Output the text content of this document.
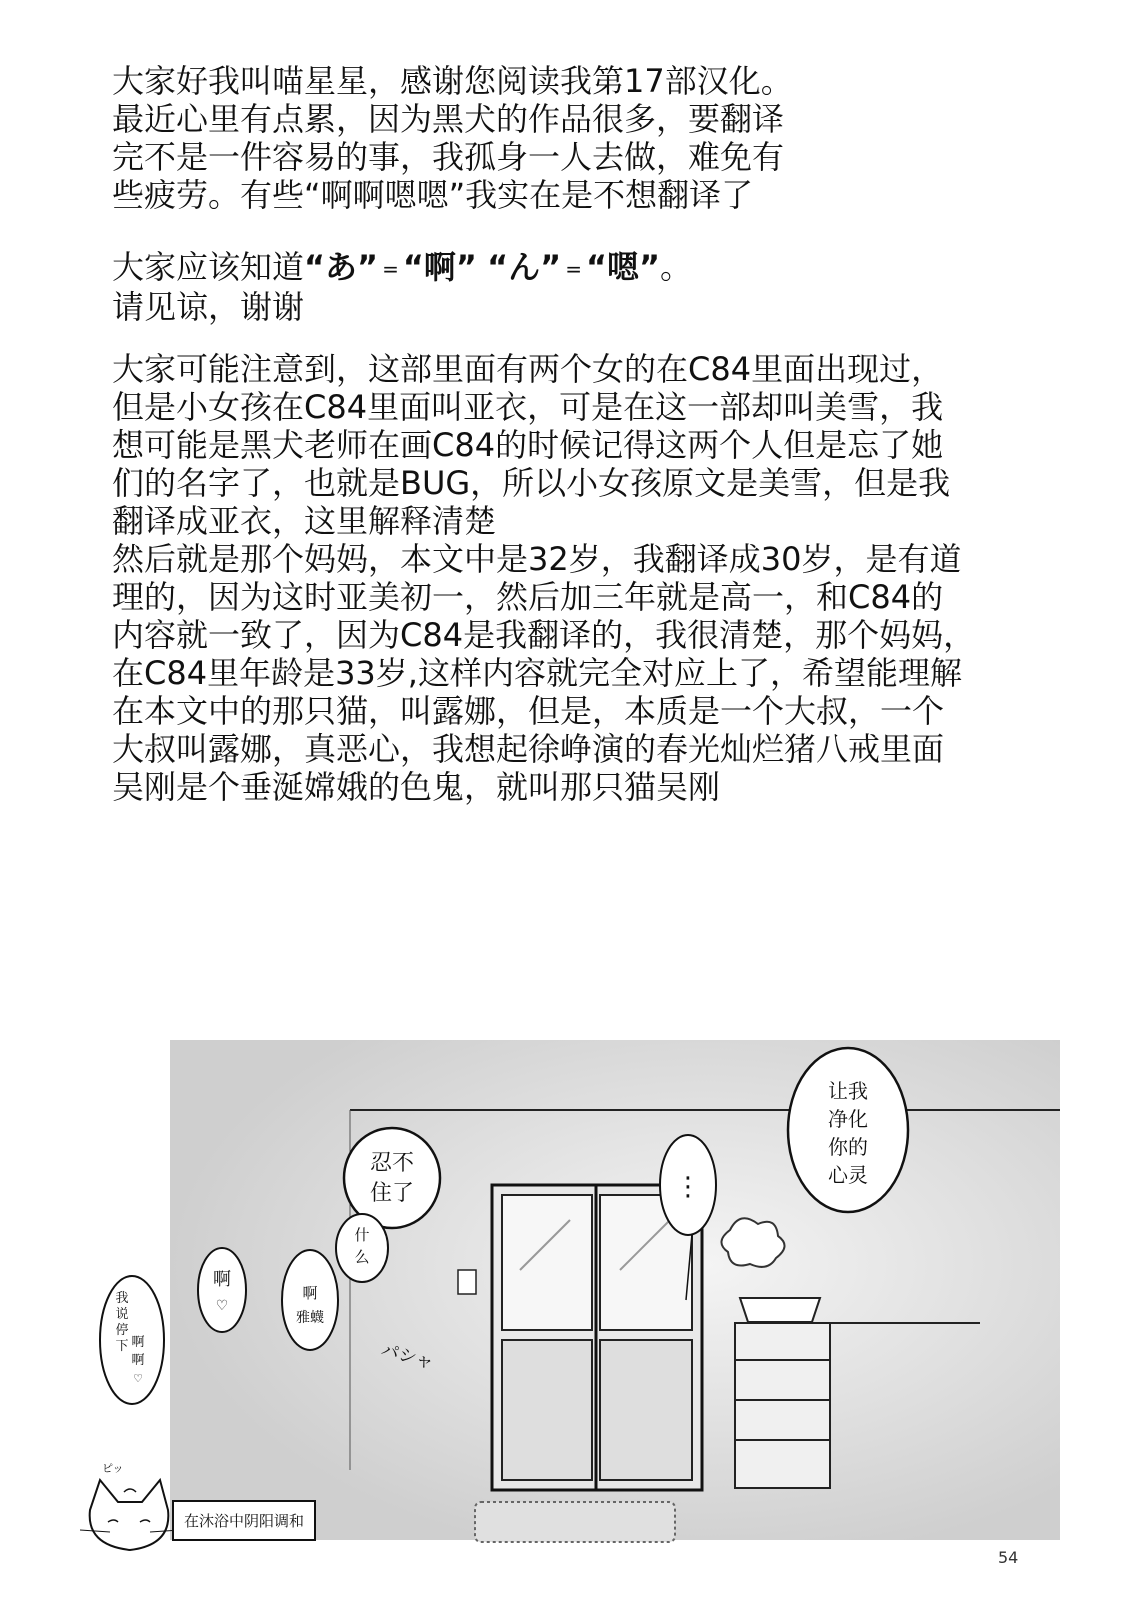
大家好我叫喵星星，感谢您阅读我第17部汉化。
最近心里有点累，因为黑犬的作品很多，要翻译
完不是一件容易的事，我孤身一人去做，难免有
些疲劳。有些“啊啊嗯嗯”我实在是不想翻译了
大家应该知道“あ” = “啊” “ん” = “嗯”。
请见谅，谢谢
大家可能注意到，这部里面有两个女的在C84里面出现过，
但是小女孩在C84里面叫亚衣，可是在这一部却叫美雪，我
想可能是黑犬老师在画C84的时候记得这两个人但是忘了她
们的名字了，也就是BUG，所以小女孩原文是美雪，但是我
翻译成亚衣，这里解释清楚
然后就是那个妈妈，本文中是32岁，我翻译成30岁，是有道
理的，因为这时亚美初一，然后加三年就是高一，和C84的
内容就一致了，因为C84是我翻译的，我很清楚，那个妈妈，
在C84里年龄是33岁,这样内容就完全对应上了，希望能理解
在本文中的那只猫，叫露娜，但是，本质是一个大叔，一个
大叔叫露娜，真恶心，我想起徐峥演的春光灿烂猪八戒里面
吴刚是个垂涎嫦娥的色鬼，就叫那只猫吴刚
让我
净化
你的
心灵
⋮
忍不
住了
什
么
啊
♡
啊
雅蠛
我
说
停
下 啊
啊
♡
パシャ
ピッ
在沐浴中阴阳调和
54
